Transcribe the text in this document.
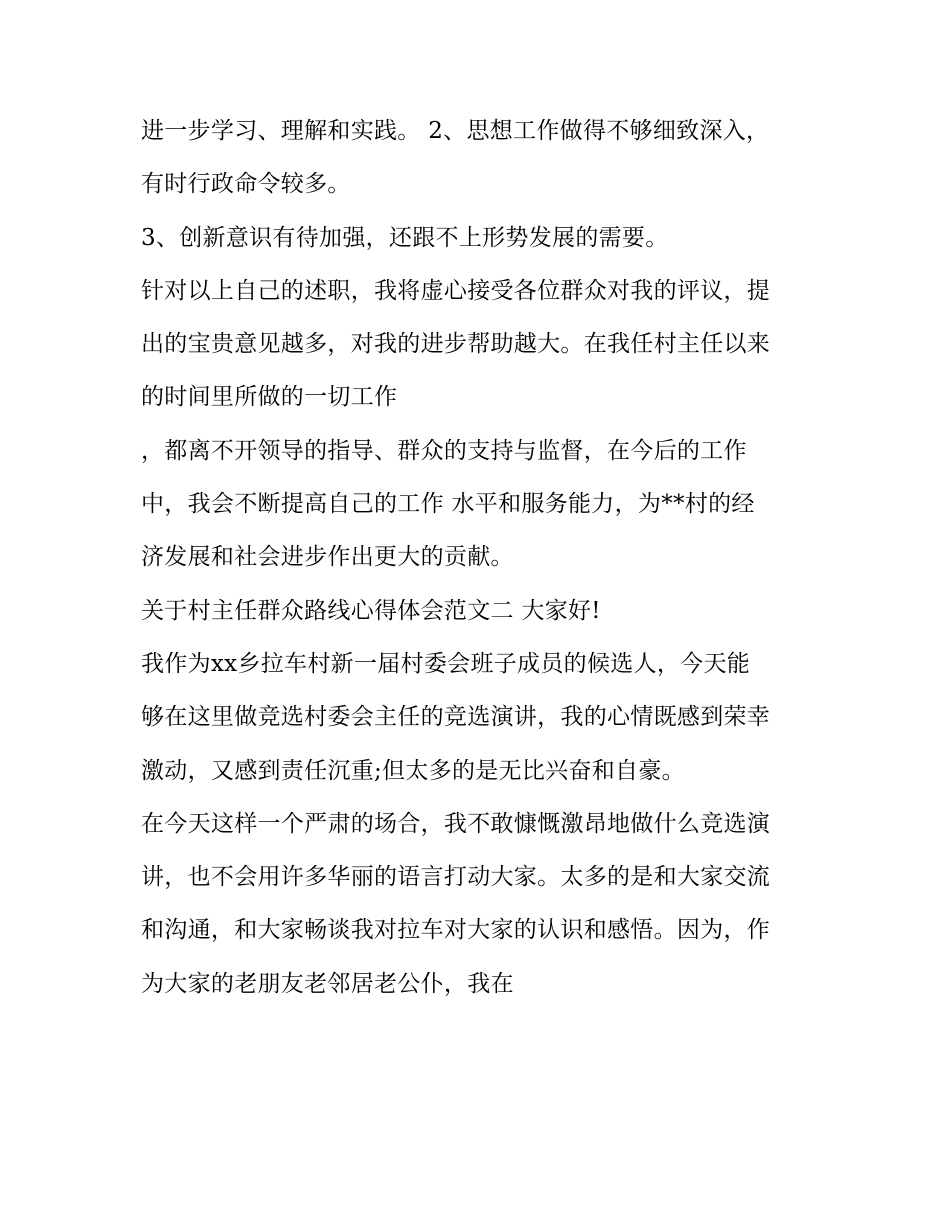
进一步学习、理解和实践。 2、思想工作做得不够细致深入，
有时行政命令较多。
3、创新意识有待加强，还跟不上形势发展的需要。
针对以上自己的述职，我将虚心接受各位群众对我的评议，提
出的宝贵意见越多，对我的进步帮助越大。在我任村主任以来
的时间里所做的一切工作
，都离不开领导的指导、群众的支持与监督，在今后的工作
中，我会不断提高自己的工作 水平和服务能力，为**村的经
济发展和社会进步作出更大的贡献。
关于村主任群众路线心得体会范文二 大家好!
我作为xx乡拉车村新一届村委会班子成员的候选人，今天能
够在这里做竞选村委会主任的竞选演讲，我的心情既感到荣幸
激动，又感到责任沉重;但太多的是无比兴奋和自豪。
在今天这样一个严肃的场合，我不敢慷慨激昂地做什么竞选演
讲，也不会用许多华丽的语言打动大家。太多的是和大家交流
和沟通，和大家畅谈我对拉车对大家的认识和感悟。因为，作
为大家的老朋友老邻居老公仆，我在
